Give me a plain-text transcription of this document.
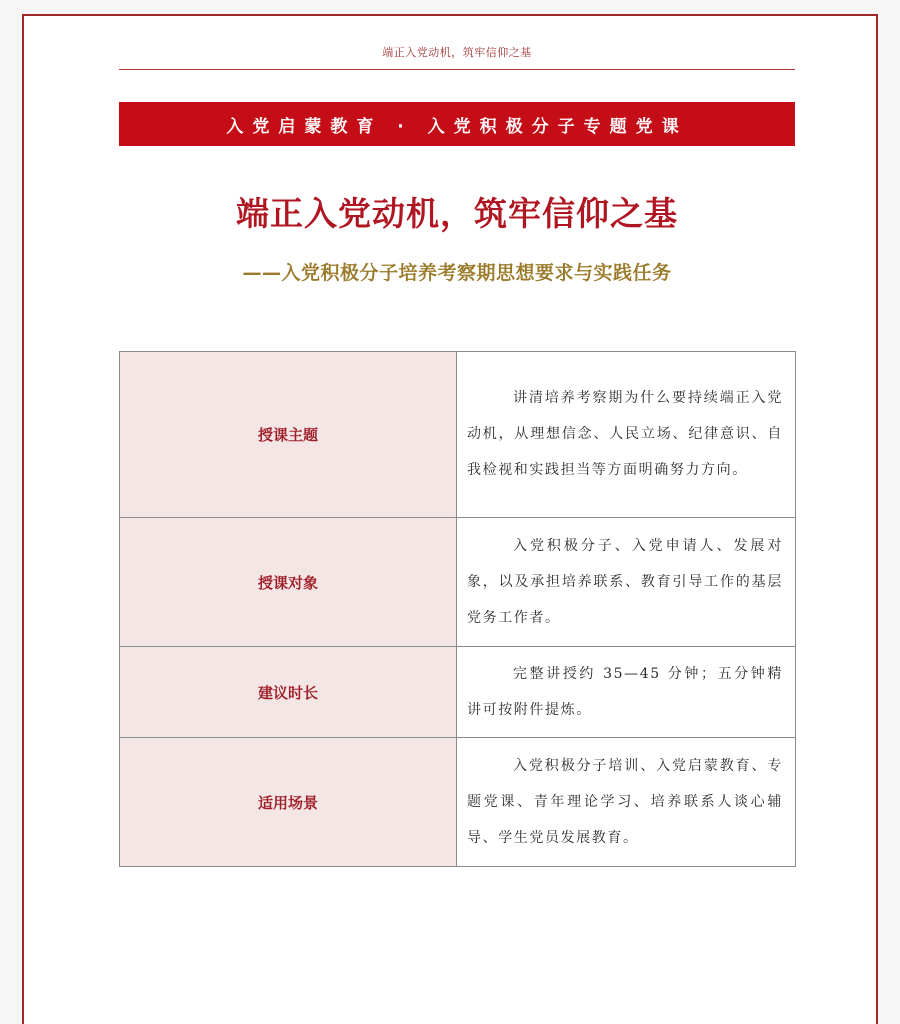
端正入党动机，筑牢信仰之基
入党启蒙教育 · 入党积极分子专题党课
端正入党动机，筑牢信仰之基
——入党积极分子培养考察期思想要求与实践任务
授课主题	讲清培养考察期为什么要持续端正入党动机，从理想信念、人民立场、纪律意识、自我检视和实践担当等方面明确努力方向。
授课对象	入党积极分子、入党申请人、发展对象，以及承担培养联系、教育引导工作的基层党务工作者。
建议时长	完整讲授约 35—45 分钟；五分钟精讲可按附件提炼。
适用场景	入党积极分子培训、入党启蒙教育、专题党课、青年理论学习、培养联系人谈心辅导、学生党员发展教育。
